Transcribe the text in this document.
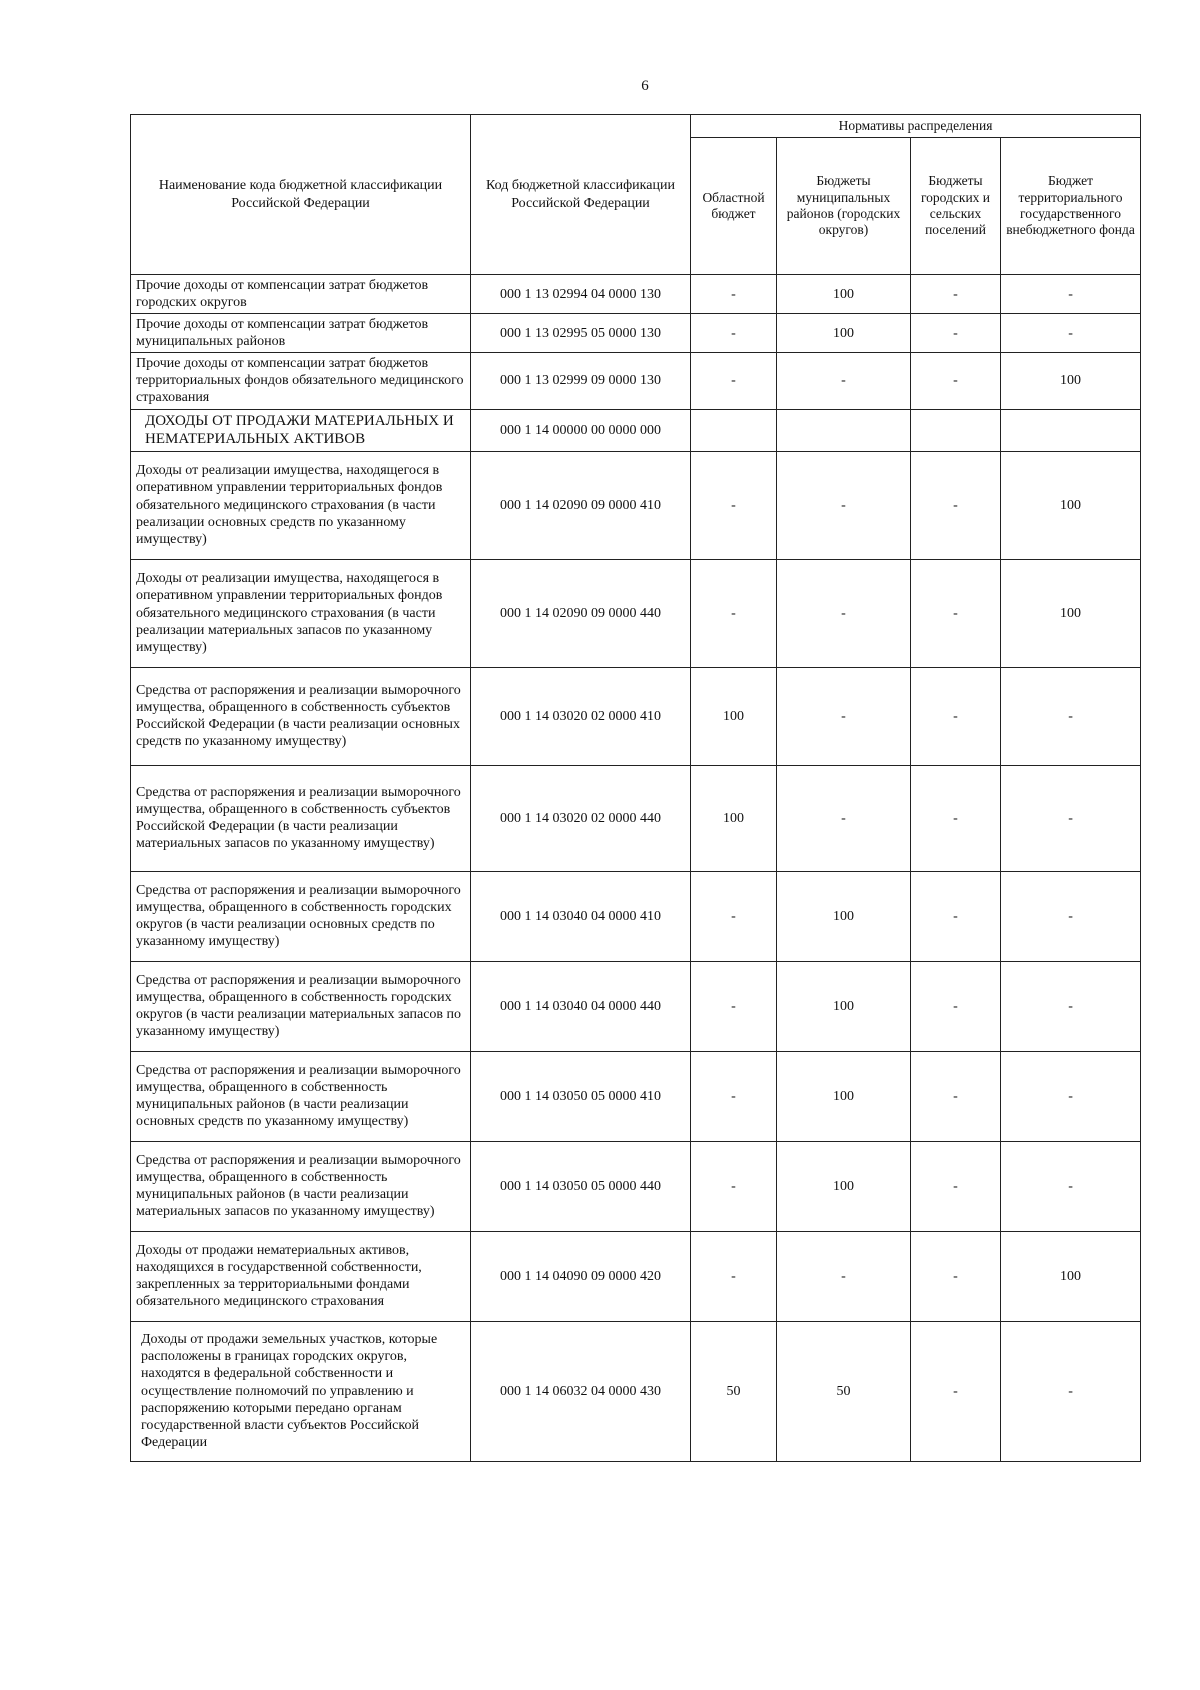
6
Наименование кода бюджетной классификации Российской Федерации	Код бюджетной классификации Российской Федерации	Нормативы распределения			
		Областной бюджет	Бюджеты муниципальных районов (городских округов)	Бюджеты городских и сельских поселений	Бюджет территориального государственного внебюджетного фонда
Прочие доходы от компенсации затрат бюджетов городских округов	000 1 13 02994 04 0000 130	-	100	-	-
Прочие доходы от компенсации затрат бюджетов муниципальных районов	000 1 13 02995 05 0000 130	-	100	-	-
Прочие доходы от компенсации затрат бюджетов территориальных фондов обязательного медицинского страхования	000 1 13 02999 09 0000 130	-	-	-	100
ДОХОДЫ ОТ ПРОДАЖИ МАТЕРИАЛЬНЫХ И НЕМАТЕРИАЛЬНЫХ АКТИВОВ	000 1 14 00000 00 0000 000				
Доходы от реализации имущества, находящегося в оперативном управлении территориальных фондов обязательного медицинского страхования (в части реализации основных средств по указанному имуществу)	000 1 14 02090 09 0000 410	-	-	-	100
Доходы от реализации имущества, находящегося в оперативном управлении территориальных фондов обязательного медицинского страхования (в части реализации материальных запасов по указанному имуществу)	000 1 14 02090 09 0000 440	-	-	-	100
Средства от распоряжения и реализации выморочного имущества, обращенного в собственность субъектов Российской Федерации (в части реализации основных средств по указанному имуществу)	000 1 14 03020 02 0000 410	100	-	-	-
Средства от распоряжения и реализации выморочного имущества, обращенного в собственность субъектов Российской Федерации (в части реализации материальных запасов по указанному имуществу)	000 1 14 03020 02 0000 440	100	-	-	-
Средства от распоряжения и реализации выморочного имущества, обращенного в собственность городских округов (в части реализации основных средств по указанному имуществу)	000 1 14 03040 04 0000 410	-	100	-	-
Средства от распоряжения и реализации выморочного имущества, обращенного в собственность городских округов (в части реализации материальных запасов по указанному имуществу)	000 1 14 03040 04 0000 440	-	100	-	-
Средства от распоряжения и реализации выморочного имущества, обращенного в собственность муниципальных районов (в части реализации основных средств по указанному имуществу)	000 1 14 03050 05 0000 410	-	100	-	-
Средства от распоряжения и реализации выморочного имущества, обращенного в собственность муниципальных районов (в части реализации материальных запасов по указанному имуществу)	000 1 14 03050 05 0000 440	-	100	-	-
Доходы от продажи нематериальных активов, находящихся в государственной собственности, закрепленных за территориальными фондами обязательного медицинского страхования	000 1 14 04090 09 0000 420	-	-	-	100
Доходы от продажи земельных участков, которые расположены в границах городских округов, находятся в федеральной собственности и осуществление полномочий по управлению и распоряжению которыми передано органам государственной власти субъектов Российской Федерации	000 1 14 06032 04 0000 430	50	50	-	-
